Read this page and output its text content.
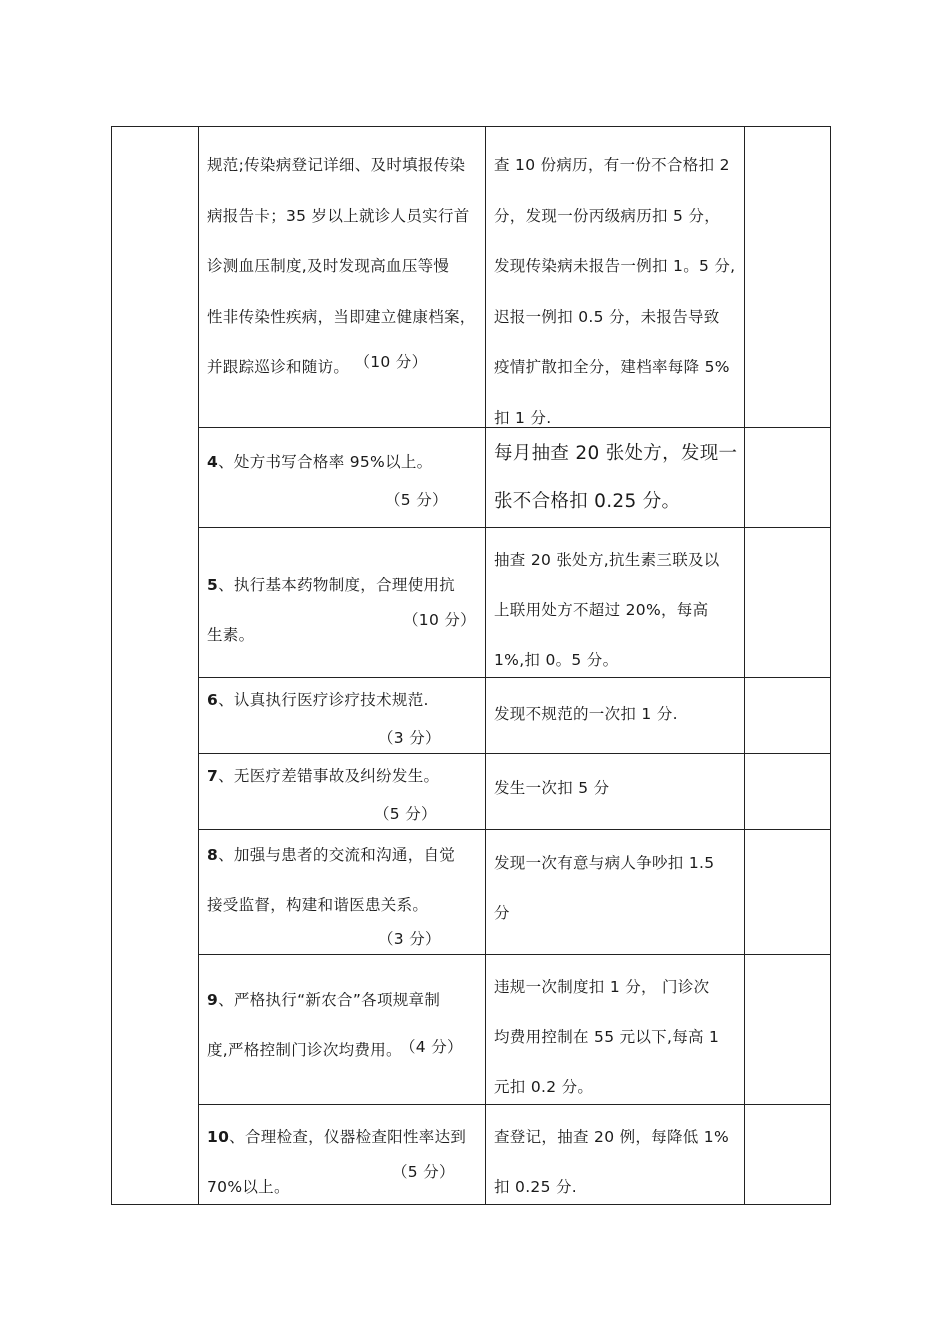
规范;传染病登记详细、及时填报传染
病报告卡；35 岁以上就诊人员实行首
诊测血压制度,及时发现高血压等慢
性非传染性疾病，当即建立健康档案，
并跟踪巡诊和随访。 （10 分）
查 10 份病历，有一份不合格扣 2
分，发现一份丙级病历扣 5 分，
发现传染病未报告一例扣 1。5 分,
迟报一例扣 0.5 分，未报告导致
疫情扩散扣全分，建档率每降 5%
扣 1 分.
4、处方书写合格率 95%以上。
（5 分）
每月抽查 20 张处方，发现一
张不合格扣 0.25 分。
5、执行基本药物制度，合理使用抗
生素。
（10 分）
抽查 20 张处方,抗生素三联及以
上联用处方不超过 20%，每高
1%,扣 0。5 分。
6、认真执行医疗诊疗技术规范.
（3 分）
发现不规范的一次扣 1 分.
7、无医疗差错事故及纠纷发生。
（5 分）
发生一次扣 5 分
8、加强与患者的交流和沟通，自觉
接受监督，构建和谐医患关系。
（3 分）
发现一次有意与病人争吵扣 1.5
分
9、严格执行“新农合”各项规章制
度,严格控制门诊次均费用。
（4 分）
违规一次制度扣 1 分， 门诊次
均费用控制在 55 元以下,每高 1
元扣 0.2 分。
10、合理检查，仪器检查阳性率达到
70%以上。
（5 分）
查登记，抽查 20 例，每降低 1%
扣 0.25 分.
